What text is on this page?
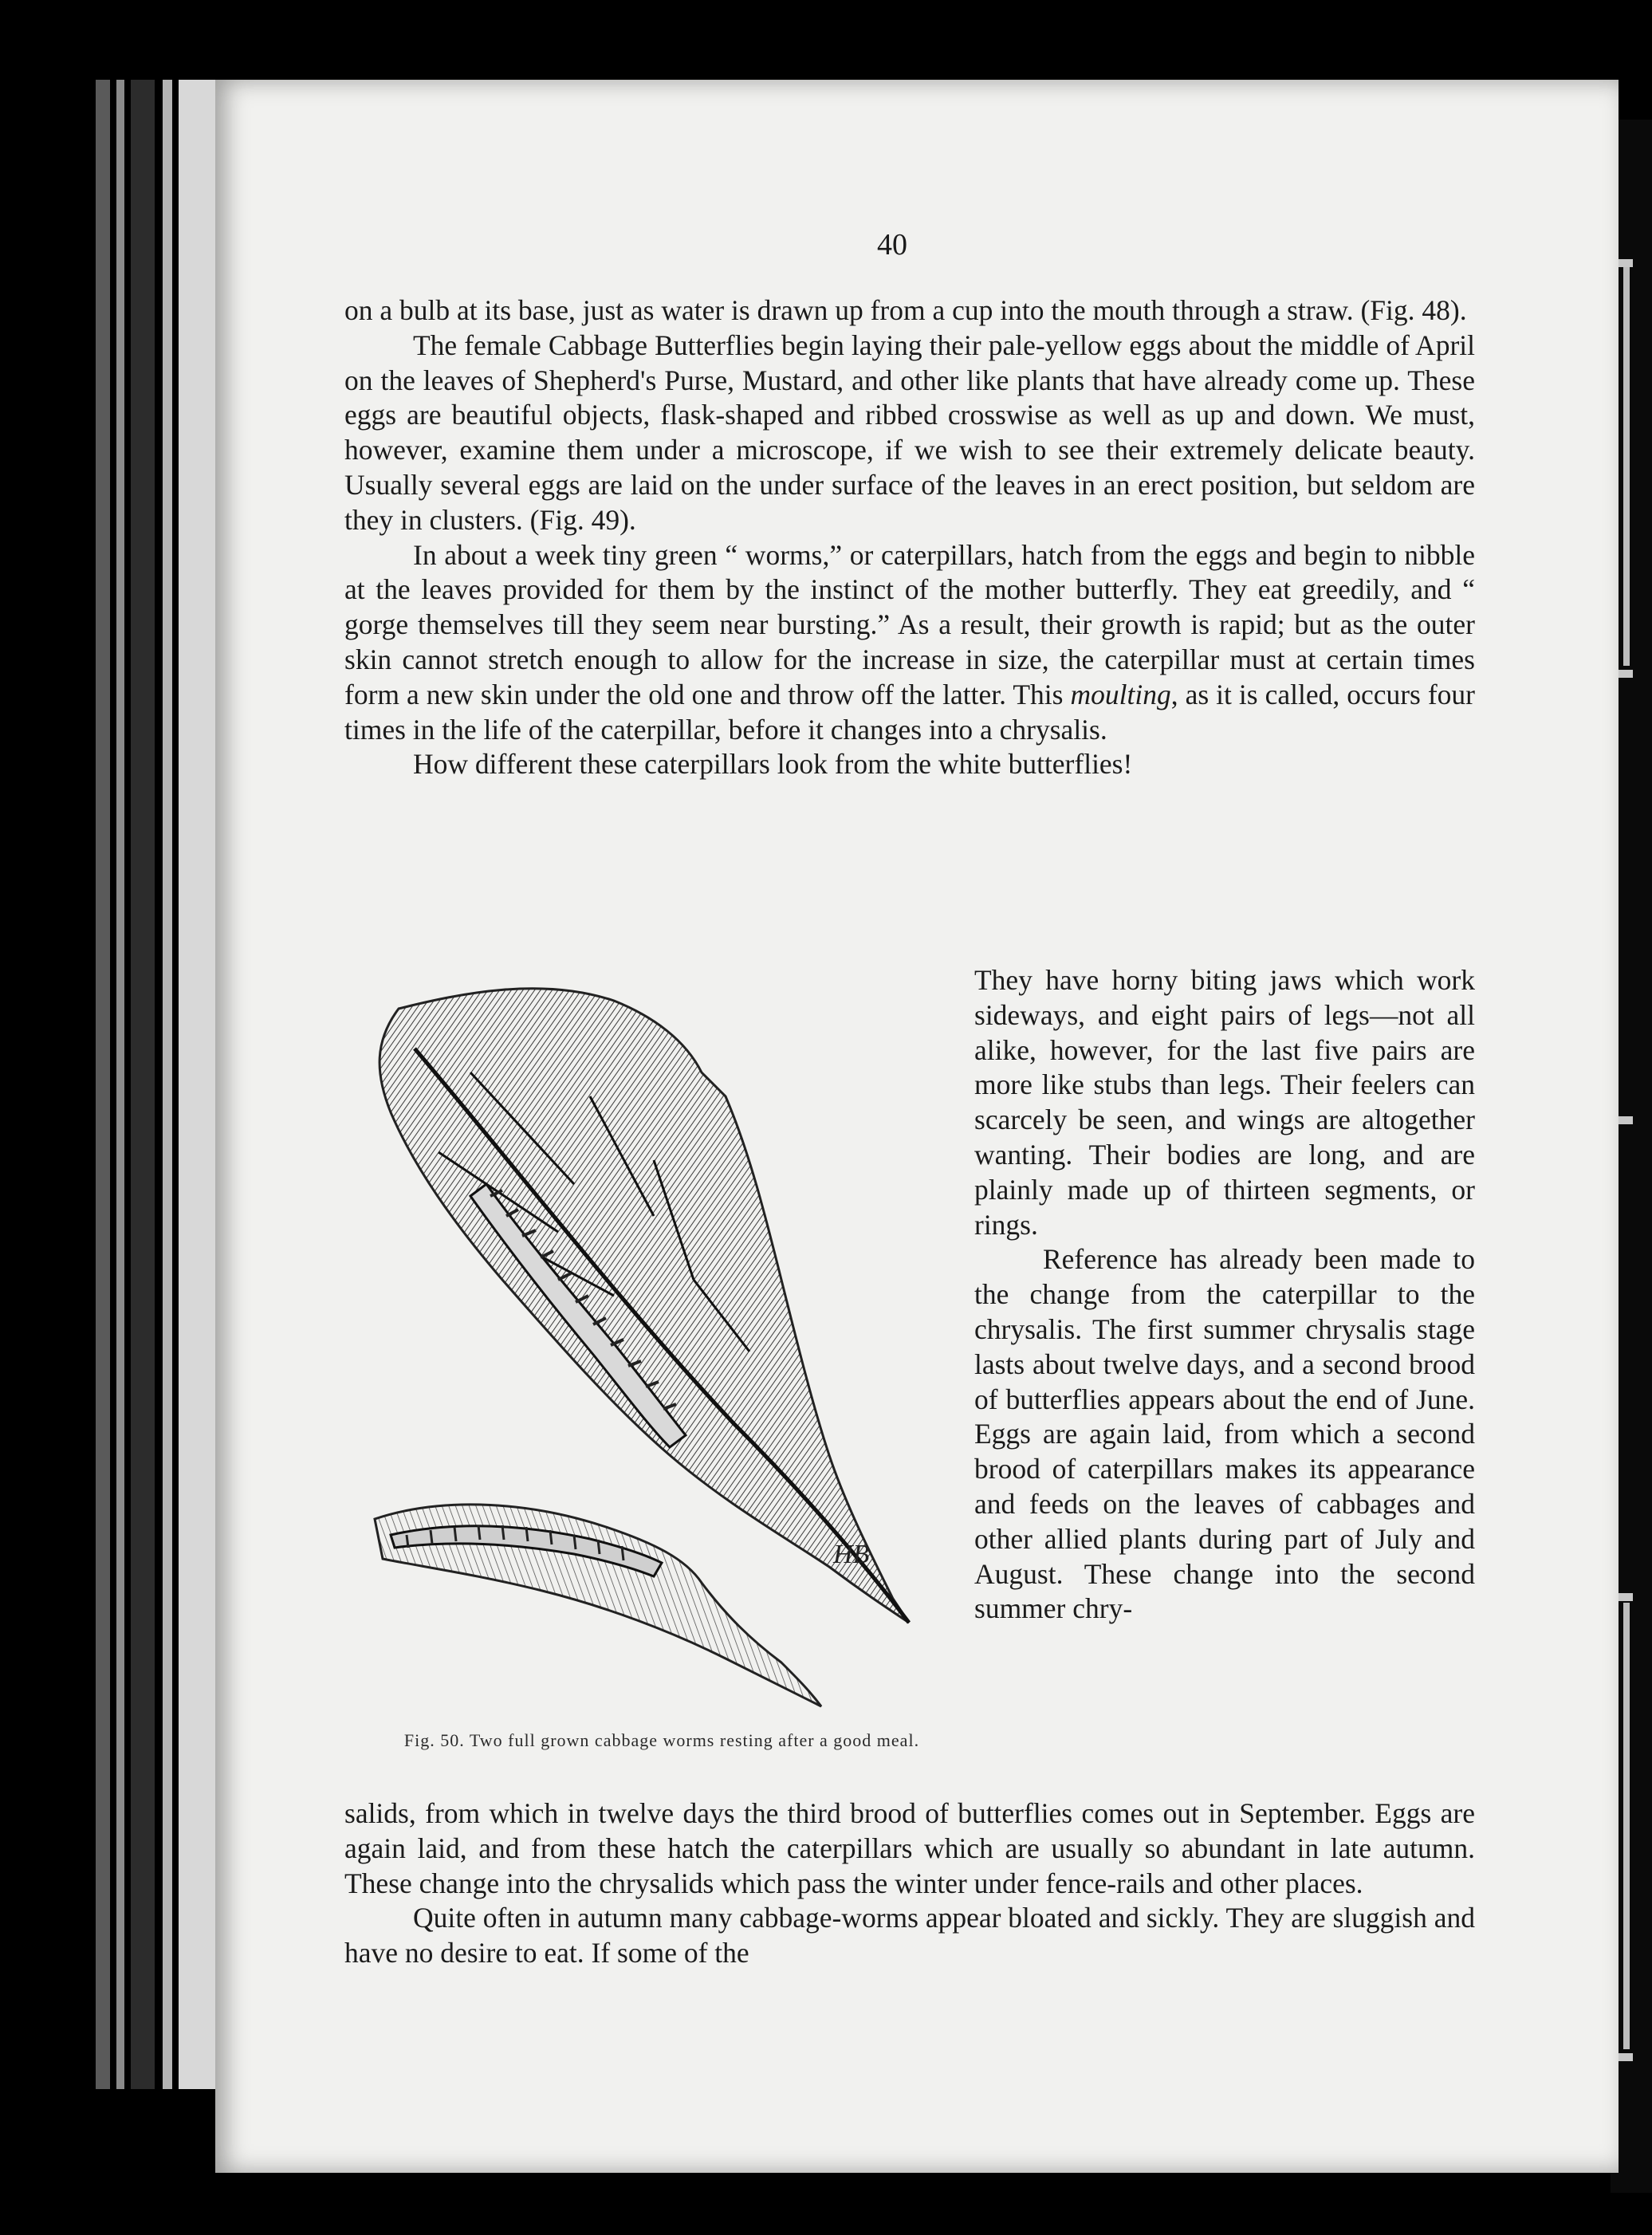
40

on a bulb at its base, just as water is drawn up from a cup into the mouth through a straw. (Fig. 48).

The female Cabbage Butterflies begin laying their pale-yellow eggs about the middle of April on the leaves of Shepherd's Purse, Mustard, and other like plants that have already come up. These eggs are beautiful objects, flask-shaped and ribbed crosswise as well as up and down. We must, however, examine them under a microscope, if we wish to see their extremely delicate beauty. Usually several eggs are laid on the under surface of the leaves in an erect position, but seldom are they in clusters. (Fig. 49).

In about a week tiny green “ worms,” or caterpillars, hatch from the eggs and begin to nibble at the leaves provided for them by the instinct of the mother butterfly. They eat greedily, and “ gorge themselves till they seem near bursting.” As a result, their growth is rapid; but as the outer skin cannot stretch enough to allow for the increase in size, the caterpillar must at certain times form a new skin under the old one and throw off the latter. This moulting, as it is called, occurs four times in the life of the caterpillar, before it changes into a chrysalis.

How different these caterpillars look from the white butterflies!

HB
Fig. 50. Two full grown cabbage worms resting after a good meal.

They have horny biting jaws which work sideways, and eight pairs of legs—not all alike, however, for the last five pairs are more like stubs than legs. Their feelers can scarcely be seen, and wings are altogether wanting. Their bodies are long, and are plainly made up of thirteen segments, or rings.

Reference has already been made to the change from the caterpillar to the chrysalis. The first summer chrysalis stage lasts about twelve days, and a second brood of butterflies appears about the end of June. Eggs are again laid, from which a second brood of caterpillars makes its appearance and feeds on the leaves of cabbages and other allied plants during part of July and August. These change into the second summer chry-

salids, from which in twelve days the third brood of butterflies comes out in September. Eggs are again laid, and from these hatch the caterpillars which are usually so abundant in late autumn. These change into the chrysalids which pass the winter under fence-rails and other places.

Quite often in autumn many cabbage-worms appear bloated and sickly. They are sluggish and have no desire to eat. If some of the
